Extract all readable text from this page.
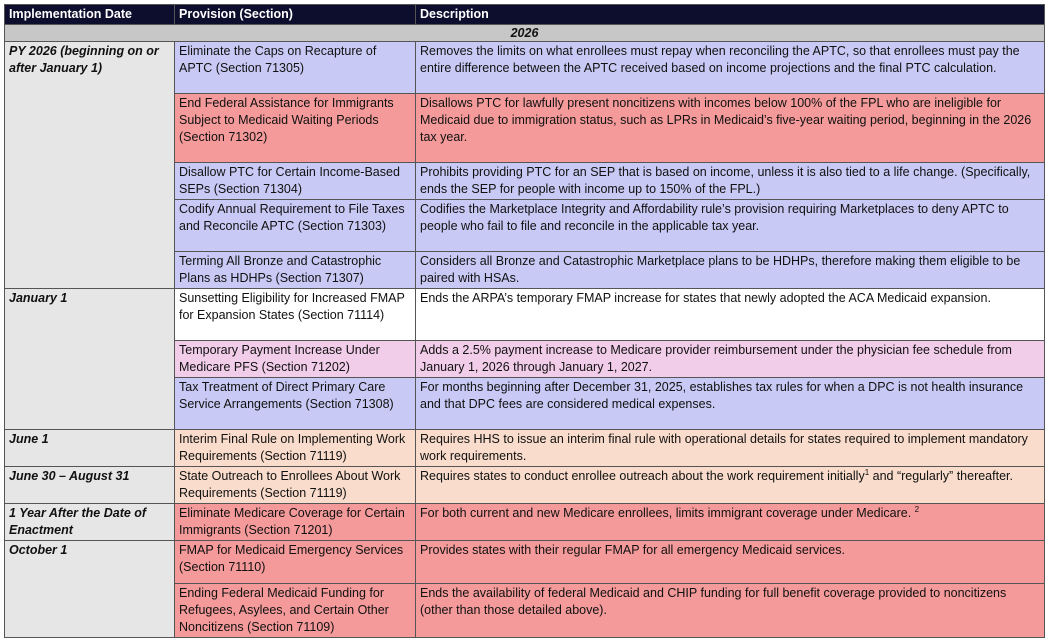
Implementation Date	Provision (Section)	Description
2026		
PY 2026 (beginning on or after January 1)	Eliminate the Caps on Recapture of APTC (Section 71305)	Removes the limits on what enrollees must repay when reconciling the APTC, so that enrollees must pay the entire difference between the APTC received based on income projections and the final PTC calculation.
	End Federal Assistance for Immigrants Subject to Medicaid Waiting Periods (Section 71302)	Disallows PTC for lawfully present noncitizens with incomes below 100% of the FPL who are ineligible for Medicaid due to immigration status, such as LPRs in Medicaid’s five-year waiting period, beginning in the 2026 tax year.
	Disallow PTC for Certain Income-Based SEPs (Section 71304)	Prohibits providing PTC for an SEP that is based on income, unless it is also tied to a life change. (Specifically, ends the SEP for people with income up to 150% of the FPL.)
	Codify Annual Requirement to File Taxes and Reconcile APTC (Section 71303)	Codifies the Marketplace Integrity and Affordability rule’s provision requiring Marketplaces to deny APTC to people who fail to file and reconcile in the applicable tax year.
	Terming All Bronze and Catastrophic Plans as HDHPs (Section 71307)	Considers all Bronze and Catastrophic Marketplace plans to be HDHPs, therefore making them eligible to be paired with HSAs.
January 1	Sunsetting Eligibility for Increased FMAP for Expansion States (Section 71114)	Ends the ARPA’s temporary FMAP increase for states that newly adopted the ACA Medicaid expansion.
	Temporary Payment Increase Under Medicare PFS (Section 71202)	Adds a 2.5% payment increase to Medicare provider reimbursement under the physician fee schedule from January 1, 2026 through January 1, 2027.
	Tax Treatment of Direct Primary Care Service Arrangements (Section 71308)	For months beginning after December 31, 2025, establishes tax rules for when a DPC is not health insurance and that DPC fees are considered medical expenses.
June 1	Interim Final Rule on Implementing Work Requirements (Section 71119)	Requires HHS to issue an interim final rule with operational details for states required to implement mandatory work requirements.
June 30 – August 31	State Outreach to Enrollees About Work Requirements (Section 71119)	Requires states to conduct enrollee outreach about the work requirement initially$^1$ and “regularly” thereafter.
1 Year After the Date of Enactment	Eliminate Medicare Coverage for Certain Immigrants (Section 71201)	For both current and new Medicare enrollees, limits immigrant coverage under Medicare. $^2$
October 1	FMAP for Medicaid Emergency Services (Section 71110)	Provides states with their regular FMAP for all emergency Medicaid services.
	Ending Federal Medicaid Funding for Refugees, Asylees, and Certain Other Noncitizens (Section 71109)	Ends the availability of federal Medicaid and CHIP funding for full benefit coverage provided to noncitizens (other than those detailed above).
